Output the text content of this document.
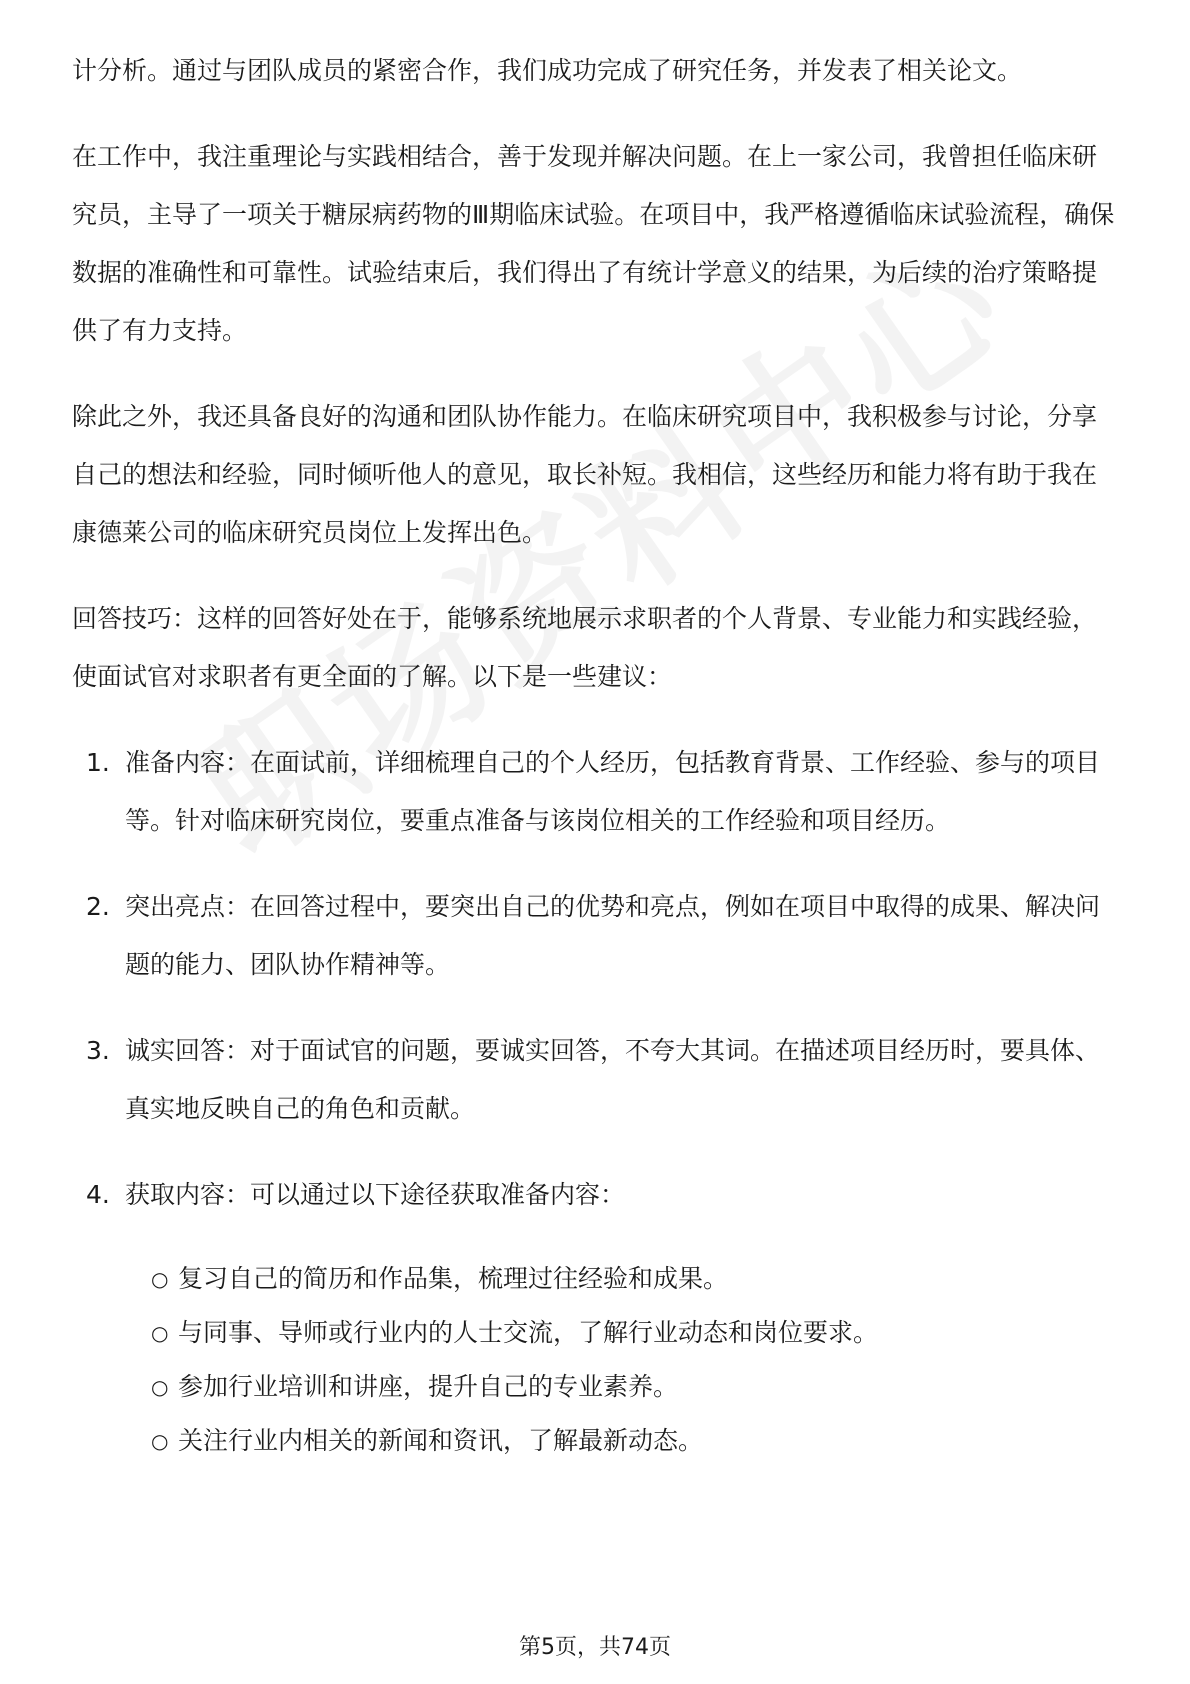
计分析。通过与团队成员的紧密合作，我们成功完成了研究任务，并发表了相关论文。

在工作中，我注重理论与实践相结合，善于发现并解决问题。在上一家公司，我曾担任临床研究员，主导了一项关于糖尿病药物的Ⅲ期临床试验。在项目中，我严格遵循临床试验流程，确保数据的准确性和可靠性。试验结束后，我们得出了有统计学意义的结果，为后续的治疗策略提供了有力支持。

除此之外，我还具备良好的沟通和团队协作能力。在临床研究项目中，我积极参与讨论，分享自己的想法和经验，同时倾听他人的意见，取长补短。我相信，这些经历和能力将有助于我在康德莱公司的临床研究员岗位上发挥出色。

回答技巧：这样的回答好处在于，能够系统地展示求职者的个人背景、专业能力和实践经验，使面试官对求职者有更全面的了解。以下是一些建议：

1. 准备内容：在面试前，详细梳理自己的个人经历，包括教育背景、工作经验、参与的项目等。针对临床研究岗位，要重点准备与该岗位相关的工作经验和项目经历。
2. 突出亮点：在回答过程中，要突出自己的优势和亮点，例如在项目中取得的成果、解决问题的能力、团队协作精神等。
3. 诚实回答：对于面试官的问题，要诚实回答，不夸大其词。在描述项目经历时，要具体、真实地反映自己的角色和贡献。
4. 获取内容：可以通过以下途径获取准备内容：
○ 复习自己的简历和作品集，梳理过往经验和成果。
○ 与同事、导师或行业内的人士交流，了解行业动态和岗位要求。
○ 参加行业培训和讲座，提升自己的专业素养。
○ 关注行业内相关的新闻和资讯，了解最新动态。
第5页，共74页
